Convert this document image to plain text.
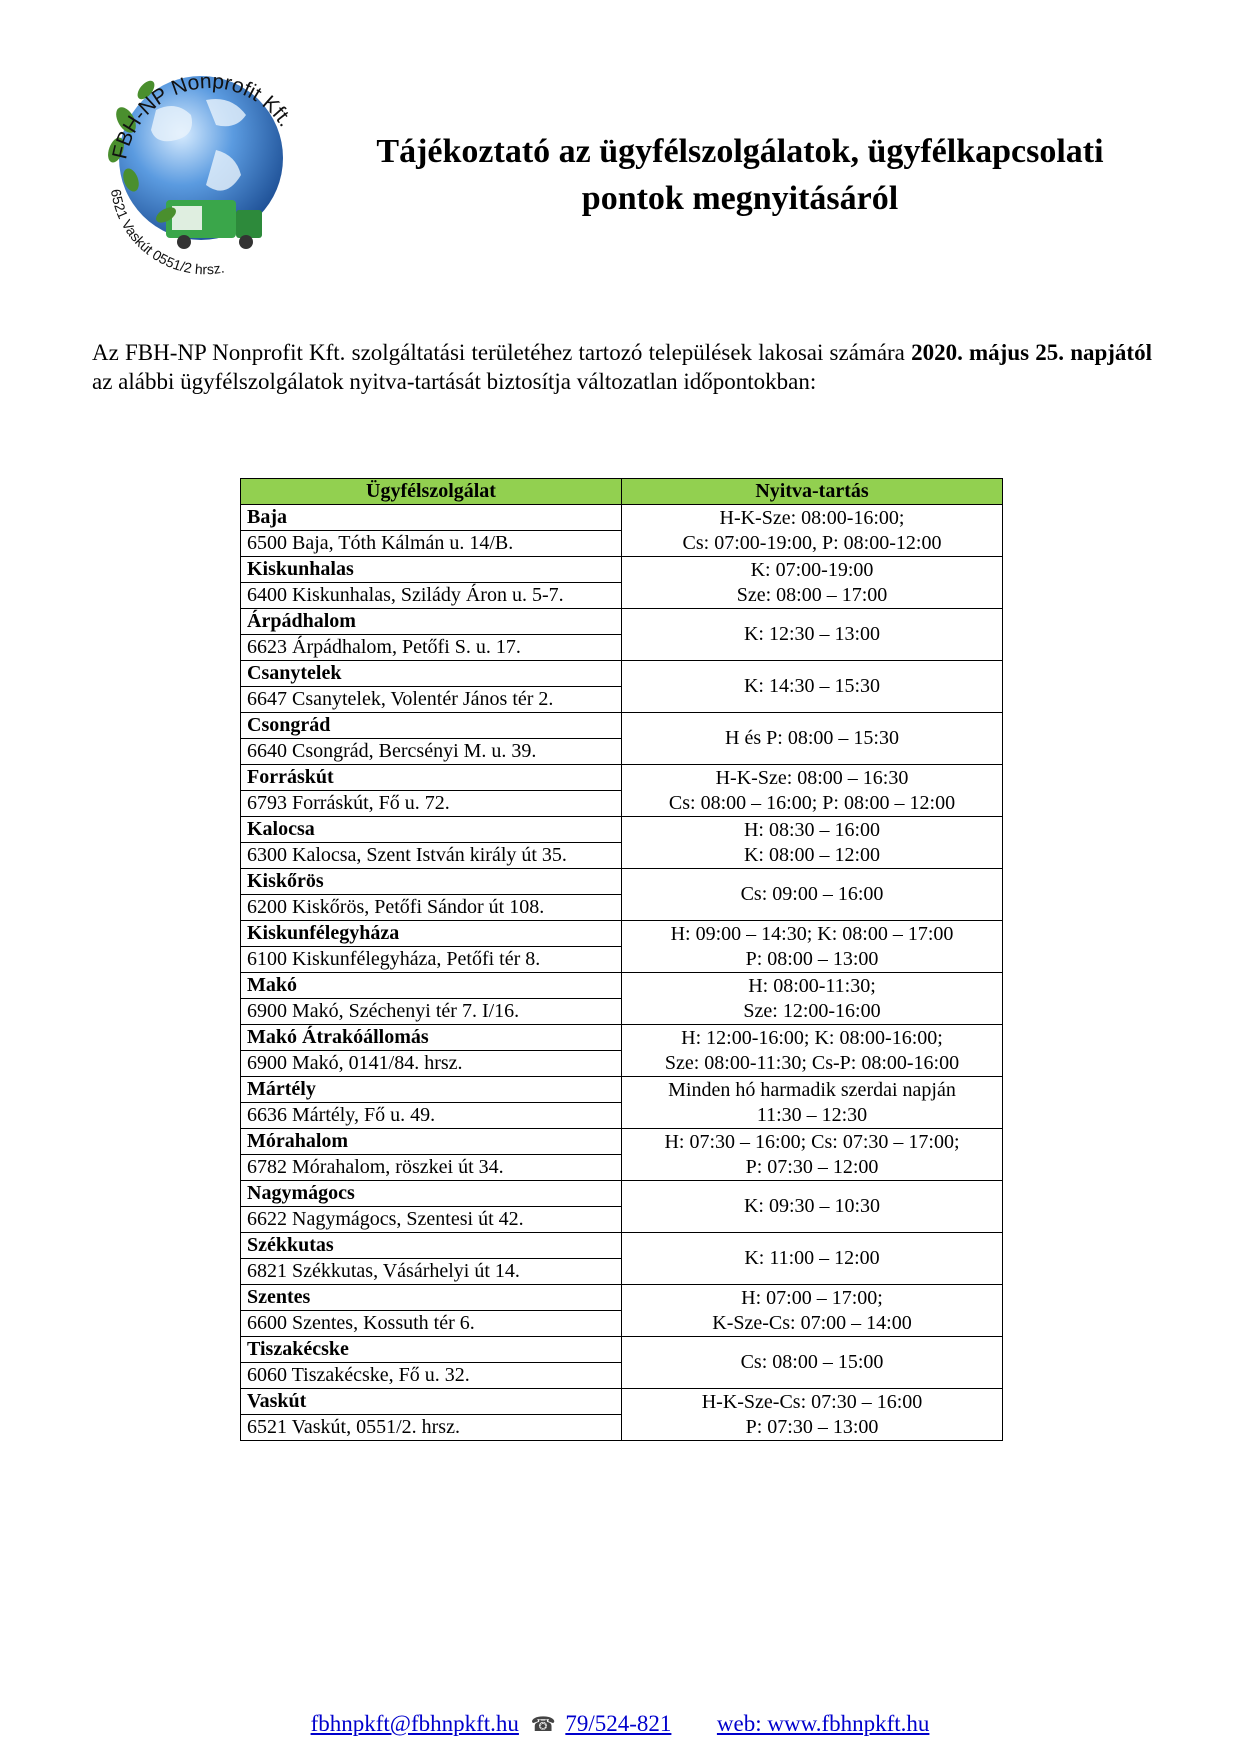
FBH-NP Nonprofit Kft.
6521 Vaskút 0551/2 hrsz.
Tájékoztató az ügyfélszolgálatok, ügyfélkapcsolati
pontok megnyitásáról
Az FBH-NP Nonprofit Kft. szolgáltatási területéhez tartozó települések lakosai számára 2020. május 25. napjától az alábbi ügyfélszolgálatok nyitva-tartását biztosítja változatlan időpontokban:
Ügyfélszolgálat	Nyitva-tartás
Baja	H-K-Sze: 08:00-16:00;
Cs: 07:00-19:00, P: 08:00-12:00

6500 Baja, Tóth Kálmán u. 14/B.	
Kiskunhalas	K: 07:00-19:00
Sze: 08:00 – 17:00

6400 Kiskunhalas, Szilády Áron u. 5-7.	
Árpádhalom	K: 12:30 – 13:00

6623 Árpádhalom, Petőfi S. u. 17.	
Csanytelek	K: 14:30 – 15:30

6647 Csanytelek, Volentér János tér 2.	
Csongrád	H és P: 08:00 – 15:30

6640 Csongrád, Bercsényi M. u. 39.	
Forráskút	H-K-Sze: 08:00 – 16:30
Cs: 08:00 – 16:00; P: 08:00 – 12:00

6793 Forráskút, Fő u. 72.	
Kalocsa	H: 08:30 – 16:00
K: 08:00 – 12:00

6300 Kalocsa, Szent István király út 35.	
Kiskőrös	Cs: 09:00 – 16:00

6200 Kiskőrös, Petőfi Sándor út 108.	
Kiskunfélegyháza	H: 09:00 – 14:30; K: 08:00 – 17:00
P: 08:00 – 13:00

6100 Kiskunfélegyháza, Petőfi tér 8.	
Makó	H: 08:00-11:30;
Sze: 12:00-16:00

6900 Makó, Széchenyi tér 7. I/16.	
Makó Átrakóállomás	H: 12:00-16:00; K: 08:00-16:00;
Sze: 08:00-11:30; Cs-P: 08:00-16:00

6900 Makó, 0141/84. hrsz.	
Mártély	Minden hó harmadik szerdai napján
11:30 – 12:30

6636 Mártély, Fő u. 49.	
Mórahalom	H: 07:30 – 16:00; Cs: 07:30 – 17:00;
P: 07:30 – 12:00

6782 Mórahalom, röszkei út 34.	
Nagymágocs	K: 09:30 – 10:30

6622 Nagymágocs, Szentesi út 42.	
Székkutas	K: 11:00 – 12:00

6821 Székkutas, Vásárhelyi út 14.	
Szentes	H: 07:00 – 17:00;
K-Sze-Cs: 07:00 – 14:00

6600 Szentes, Kossuth tér 6.	
Tiszakécske	Cs: 08:00 – 15:00

6060 Tiszakécske, Fő u. 32.	
Vaskút	H-K-Sze-Cs: 07:30 – 16:00
P: 07:30 – 13:00

6521 Vaskút, 0551/2. hrsz.	
fbhnpkft@fbhnpkft.hu ☎ 79/524-821 web: www.fbhnpkft.hu
